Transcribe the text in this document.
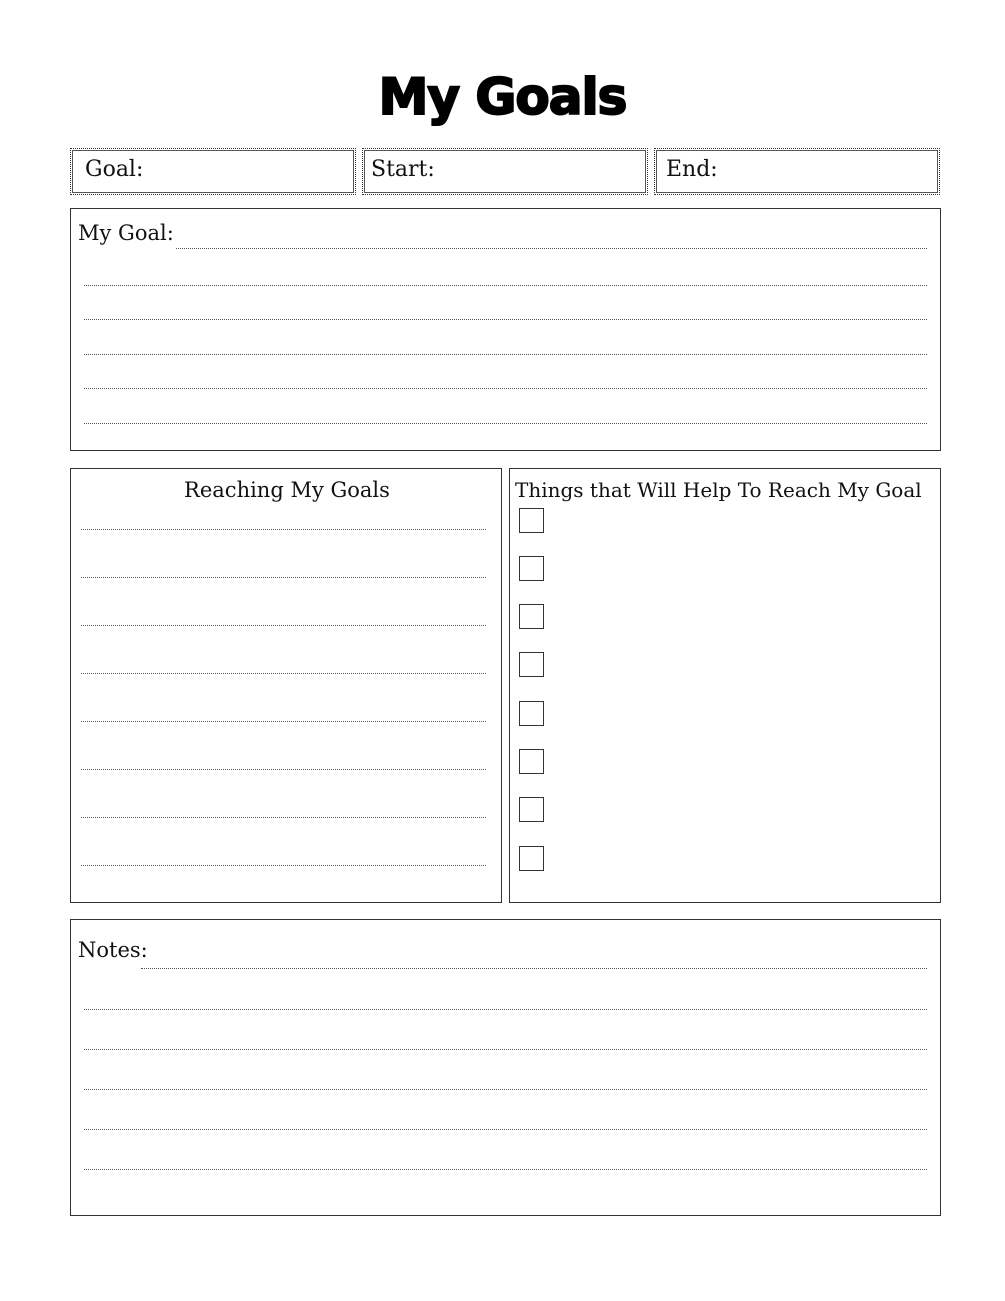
My Goals
Goal:	Start:	End:
My Goal:
Reaching My Goals	Things that Will Help To Reach My Goal
Notes:
